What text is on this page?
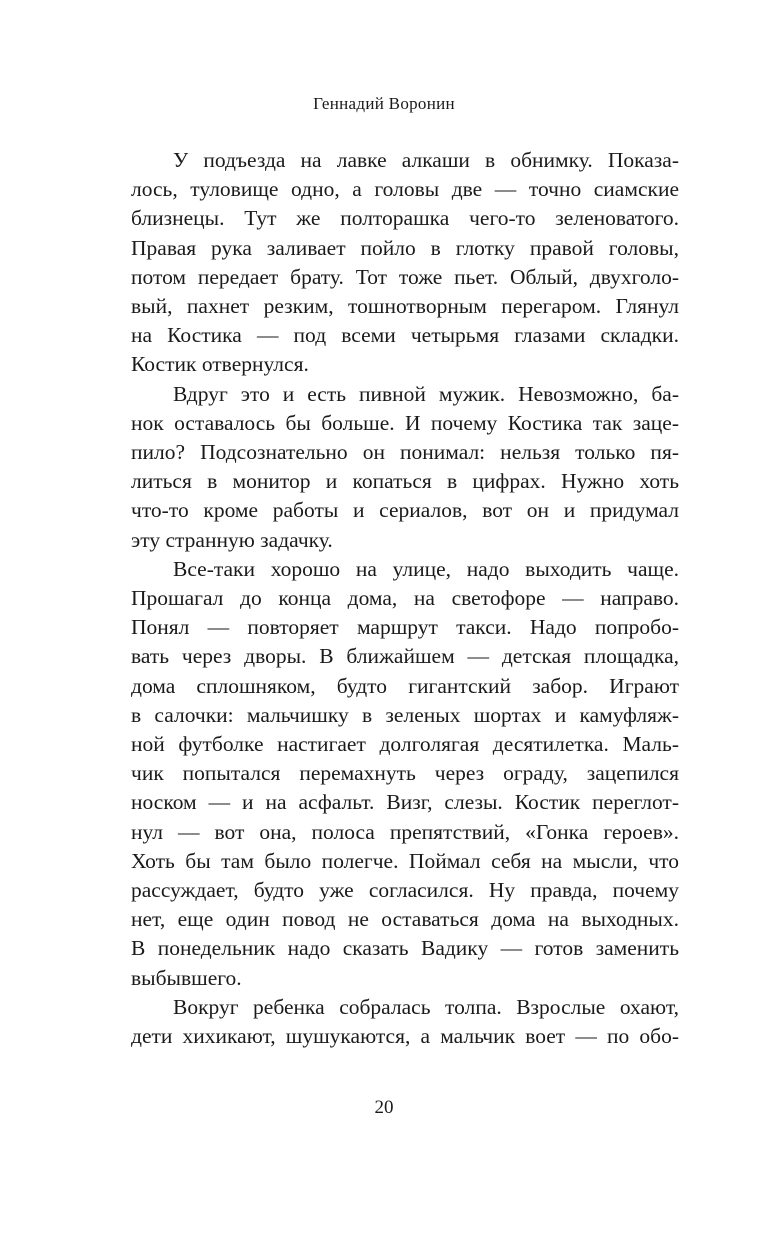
Геннадий Воронин
У подъезда на лавке алкаши в обнимку. Показа-
лось, туловище одно, а головы две — точно сиамские
близнецы. Тут же полторашка чего-то зеленоватого.
Правая рука заливает пойло в глотку правой головы,
потом передает брату. Тот тоже пьет. Облый, двухголо-
вый, пахнет резким, тошнотворным перегаром. Глянул
на Костика — под всеми четырьмя глазами складки.
Костик отвернулся.
Вдруг это и есть пивной мужик. Невозможно, ба-
нок оставалось бы больше. И почему Костика так заце-
пило? Подсознательно он понимал: нельзя только пя-
литься в монитор и копаться в цифрах. Нужно хоть
что-то кроме работы и сериалов, вот он и придумал
эту странную задачку.
Все-таки хорошо на улице, надо выходить чаще.
Прошагал до конца дома, на светофоре — направо.
Понял — повторяет маршрут такси. Надо попробо-
вать через дворы. В ближайшем — детская площадка,
дома сплошняком, будто гигантский забор. Играют
в салочки: мальчишку в зеленых шортах и камуфляж-
ной футболке настигает долголягая десятилетка. Маль-
чик попытался перемахнуть через ограду, зацепился
носком — и на асфальт. Визг, слезы. Костик переглот-
нул — вот она, полоса препятствий, «Гонка героев».
Хоть бы там было полегче. Поймал себя на мысли, что
рассуждает, будто уже согласился. Ну правда, почему
нет, еще один повод не оставаться дома на выходных.
В понедельник надо сказать Вадику — готов заменить
выбывшего.
Вокруг ребенка собралась толпа. Взрослые охают,
дети хихикают, шушукаются, а мальчик воет — по обо-
20
